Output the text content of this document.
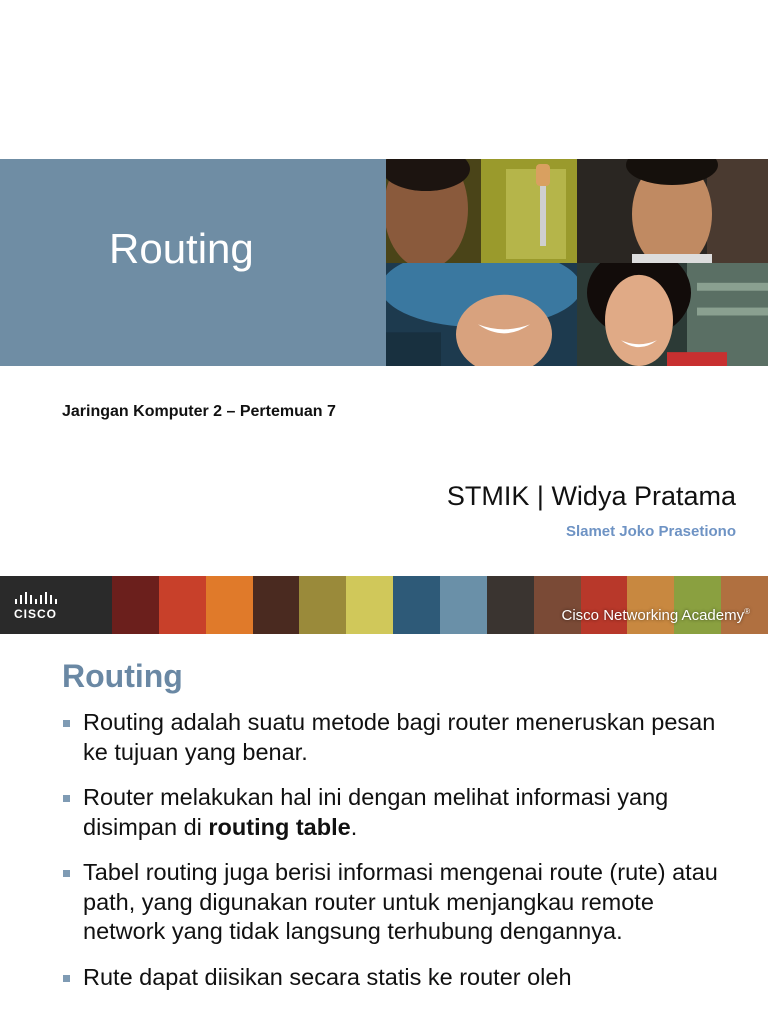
Routing
Jaringan Komputer 2 – Pertemuan 7
STMIK | Widya Pratama
Slamet Joko Prasetiono
CISCO	Cisco Networking Academy®
Routing
Routing adalah suatu metode bagi router meneruskan pesan ke tujuan yang benar.
Router melakukan hal ini dengan melihat informasi yang disimpan di routing table.
Tabel routing juga berisi informasi mengenai route (rute) atau path, yang digunakan router untuk menjangkau remote network yang tidak langsung terhubung dengannya.
Rute dapat diisikan secara statis ke router oleh
